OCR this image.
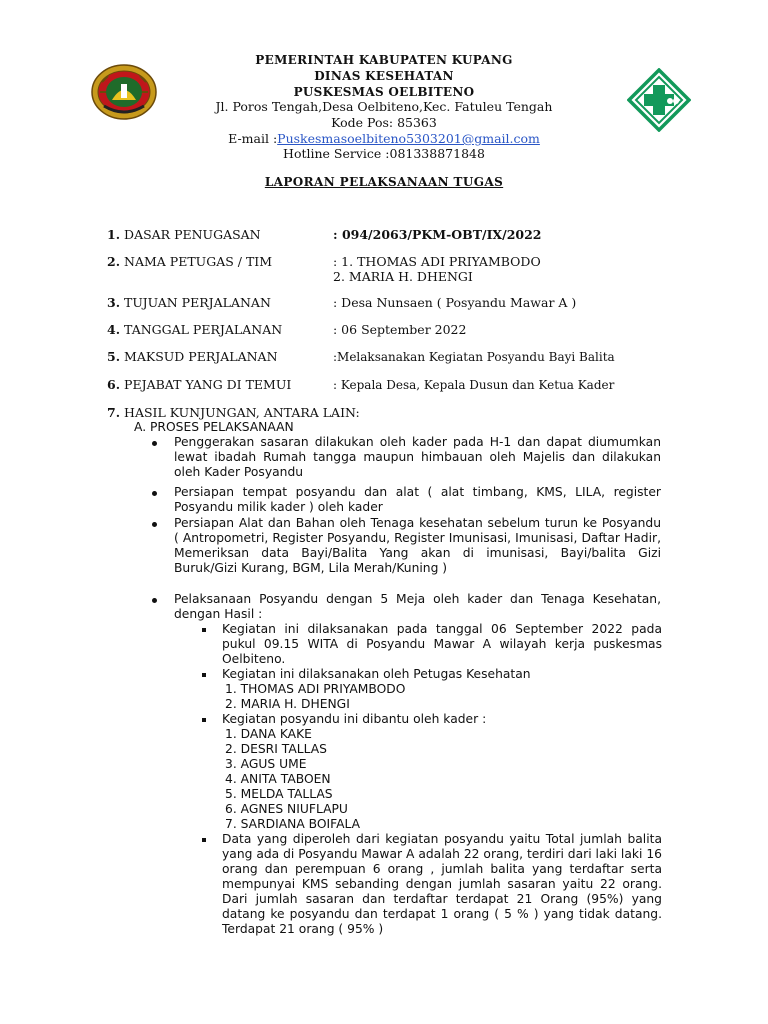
PEMERINTAH KABUPATEN KUPANG
DINAS KESEHATAN
PUSKESMAS OELBITENO
Jl. Poros Tengah,Desa Oelbiteno,Kec. Fatuleu Tengah
Kode Pos: 85363
E-mail :Puskesmasoelbiteno5303201@gmail.com
Hotline Service :081338871848
LAPORAN PELAKSANAAN TUGAS
1. DASAR PENUGASAN	: 094/2063/PKM-OBT/IX/2022
2. NAMA PETUGAS / TIM	: 1. THOMAS ADI PRIYAMBODO
2. MARIA H. DHENGI
3. TUJUAN PERJALANAN	: Desa Nunsaen ( Posyandu Mawar A )
4. TANGGAL PERJALANAN	: 06 September 2022
5. MAKSUD PERJALANAN	:Melaksanakan Kegiatan Posyandu Bayi Balita
6. PEJABAT YANG DI TEMUI	: Kepala Desa, Kepala Dusun dan Ketua Kader
7. HASIL KUNJUNGAN, ANTARA LAIN:
A. PROSES PELAKSANAAN
Penggerakan sasaran dilakukan oleh kader pada H-1 dan dapat diumumkan lewat ibadah Rumah tangga maupun himbauan oleh Majelis dan dilakukan oleh Kader Posyandu
Persiapan tempat posyandu dan alat ( alat timbang, KMS, LILA, register Posyandu milik kader ) oleh kader
Persiapan Alat dan Bahan oleh Tenaga kesehatan sebelum turun ke Posyandu ( Antropometri, Register Posyandu, Register Imunisasi, Imunisasi, Daftar Hadir, Memeriksan data Bayi/Balita Yang akan di imunisasi, Bayi/balita Gizi Buruk/Gizi Kurang, BGM, Lila Merah/Kuning )
Pelaksanaan Posyandu dengan 5 Meja oleh kader dan Tenaga Kesehatan, dengan Hasil :
Kegiatan ini dilaksanakan pada tanggal 06 September 2022 pada pukul 09.15 WITA di Posyandu Mawar A wilayah kerja puskesmas Oelbiteno.
Kegiatan ini dilaksanakan oleh Petugas Kesehatan
1. THOMAS ADI PRIYAMBODO
2. MARIA H. DHENGI
Kegiatan posyandu ini dibantu oleh kader :
1. DANA KAKE
2. DESRI TALLAS
3. AGUS UME
4. ANITA TABOEN
5. MELDA TALLAS
6. AGNES NIUFLAPU
7. SARDIANA BOIFALA
Data yang diperoleh dari kegiatan posyandu yaitu Total jumlah balita yang ada di Posyandu Mawar A adalah 22 orang, terdiri dari laki laki 16 orang dan perempuan 6 orang , jumlah balita yang terdaftar serta mempunyai KMS sebanding dengan jumlah sasaran yaitu 22 orang. Dari jumlah sasaran dan terdaftar terdapat 21 Orang (95%) yang datang ke posyandu dan terdapat 1 orang ( 5 % ) yang tidak datang. Terdapat 21 orang ( 95% )
